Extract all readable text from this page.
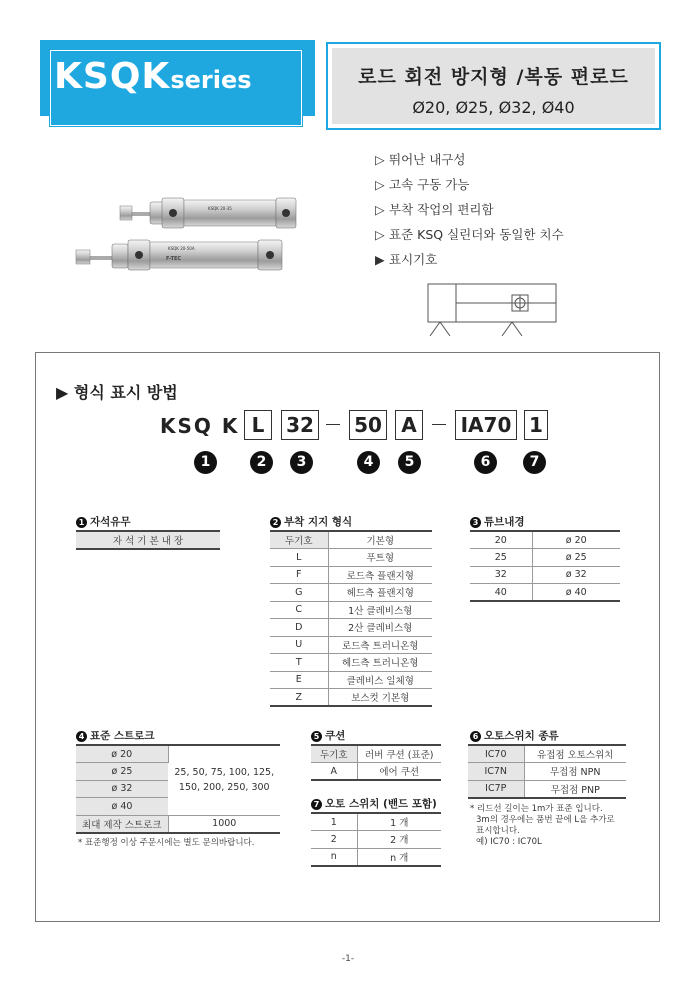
KSQKseries	로드 회전 방지형 /복동 편로드
Ø20, Ø25, Ø32, Ø40
KSQK 20-35
KSQK 20-50A
F-TEC
▷ 뛰어난 내구성
▷ 고속 구동 가능
▷ 부착 작업의 편리함
▷ 표준 KSQ 실린더와 동일한 치수
▶ 표시기호
▶ 형식 표시 방법
KSQ K L	32 50 A	IA70 1
1	2	3	4	5	6	7
1 자석유무
자 석 기 본 내 장
2 부착 지지 형식
두기호	기본형
L	푸트형
F	로드측 플랜지형
G	헤드측 플랜지형
C	1산 클레비스형
D	2산 클레비스형
U	로드측 트러니온형
T	헤드측 트러니온형
E	클레비스 일체형
Z	보스컷 기본형
3 튜브내경
20	ø 20
25	ø 25
32	ø 32
40	ø 40
4 표준 스트로크
ø 20	25, 50, 75, 100, 125,
150, 200, 250, 300

ø 25	
ø 32	
ø 40	
최대 제작 스트로크	1000
* 표준행정 이상 주문시에는 별도 문의바랍니다.
5 쿠션
두기호	러버 쿠션 (표준)
A	에어 쿠션
7 오토 스위치 (밴드 포함)
1	1 개
2	2 개
n	n 개
6 오토스위치 종류
IC70	유접점 오토스위치
IC7N	무접점 NPN
IC7P	무접점 PNP
* 리드선 길이는 1m가 표준 입니다.
3m의 경우에는 품번 끝에 L을 추가로
표시합니다.
예) IC70 : IC70L
-1-
